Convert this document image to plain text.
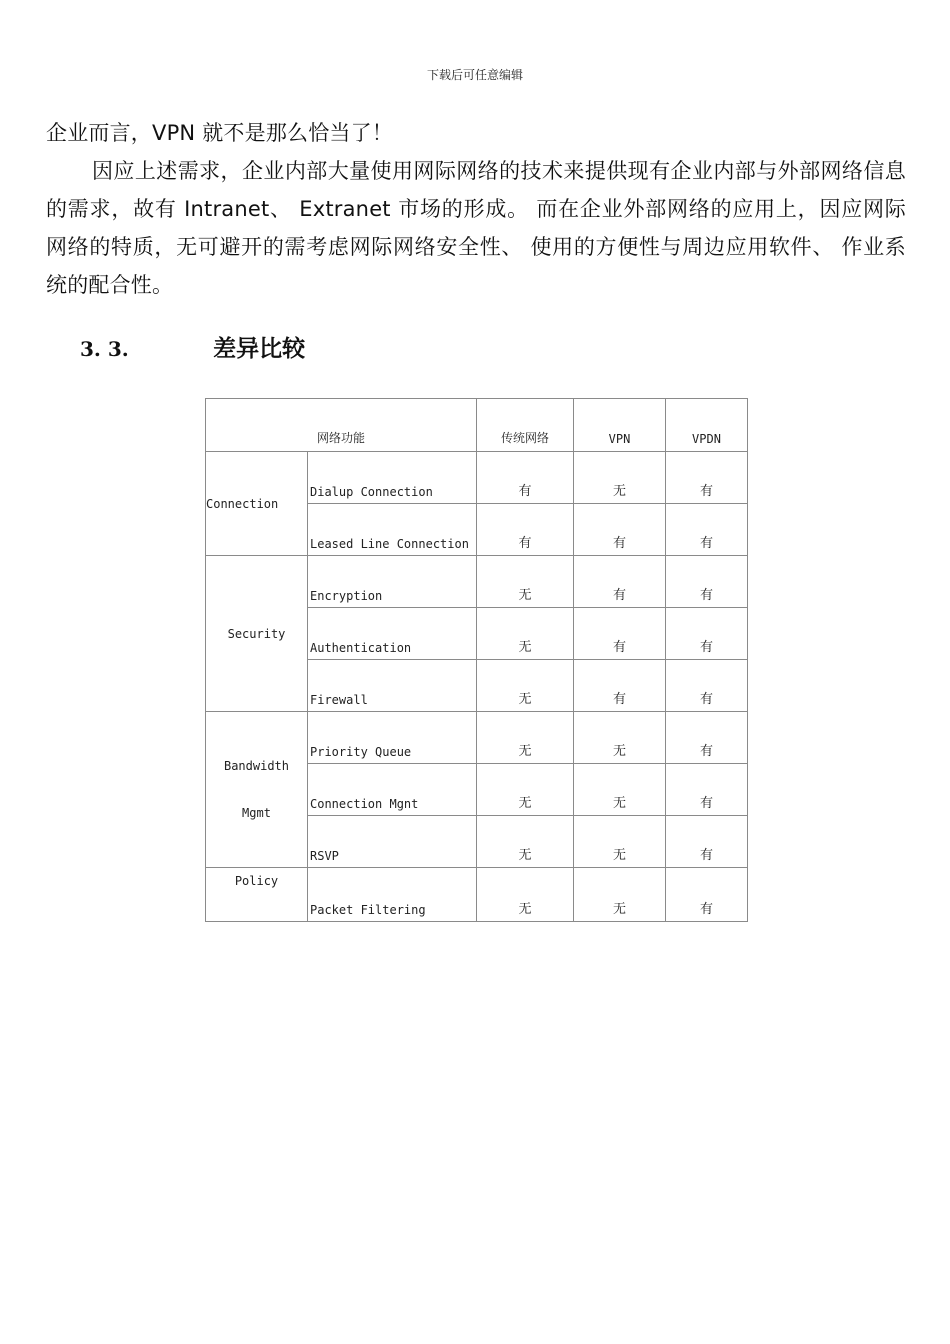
下载后可任意编辑

企业而言，VPN 就不是那么恰当了！

因应上述需求，企业内部大量使用网际网络的技术来提供现有企业内部与外部网络信息的需求，故有 Intranet、 Extranet 市场的形成。 而在企业外部网络的应用上，因应网际网络的特质，无可避开的需考虑网际网络安全性、 使用的方便性与周边应用软件、 作业系统的配合性。

3. 3.	差异比较
网络功能		传统网络	VPN	VPDN
Connection	Dialup Connection	有	无	有
	Leased Line Connection	有	有	有
Security	Encryption	无	有	有
	Authentication	无	有	有
	Firewall	无	有	有

Bandwidth
Mgmt	Priority Queue	无	无	有
	Connection Mgnt	无	无	有
	RSVP	无	无	有
Policy	Packet Filtering	无	无	有
